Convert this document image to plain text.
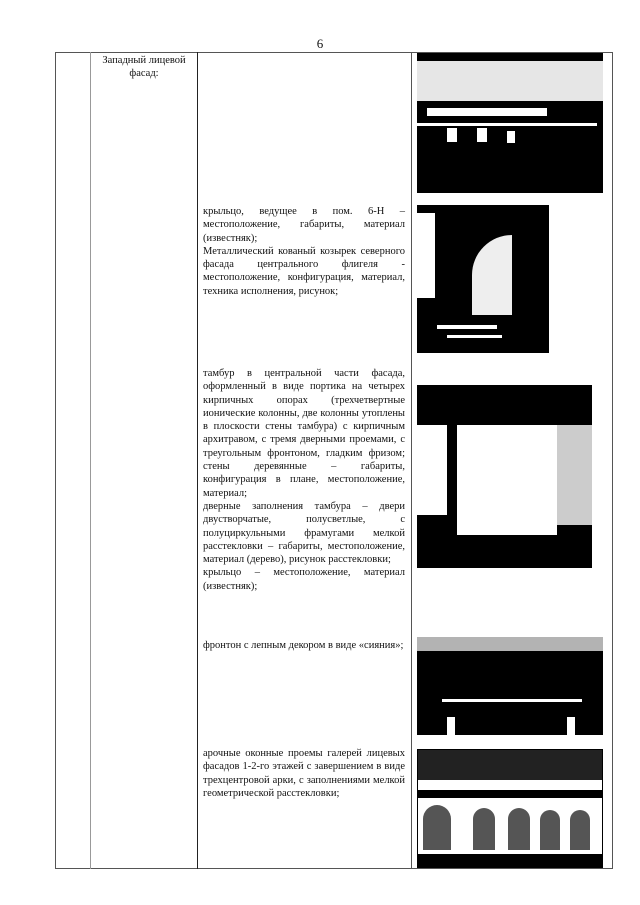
6
Западный лицевой фасад:

крыльцо, ведущее в пом. 6-Н – местоположение, габариты, материал (известняк);

Металлический кованый козырек северного фасада центрального флигеля - местоположение, конфигурация, материал, техника исполнения, рисунок;

тамбур в центральной части фасада, оформленный в виде портика на четырех кирпичных опорах (трехчетвертные ионические колонны, две колонны утоплены в плоскости стены тамбура) с кирпичным архитравом, с тремя дверными проемами, с треугольным фронтоном, гладким фризом; стены деревянные – габариты, конфигурация в плане, местоположение, материал;

дверные заполнения тамбура – двери двустворчатые, полусветлые, с полуциркульными фрамугами мелкой расстекловки – габариты, местоположение, материал (дерево), рисунок расстекловки;

крыльцо – местоположение, материал (известняк);

фронтон с лепным декором в виде «сияния»;

арочные оконные проемы галерей лицевых фасадов 1-2-го этажей с завершением в виде трехцентровой арки, с заполнениями мелкой геометрической расстекловки;
